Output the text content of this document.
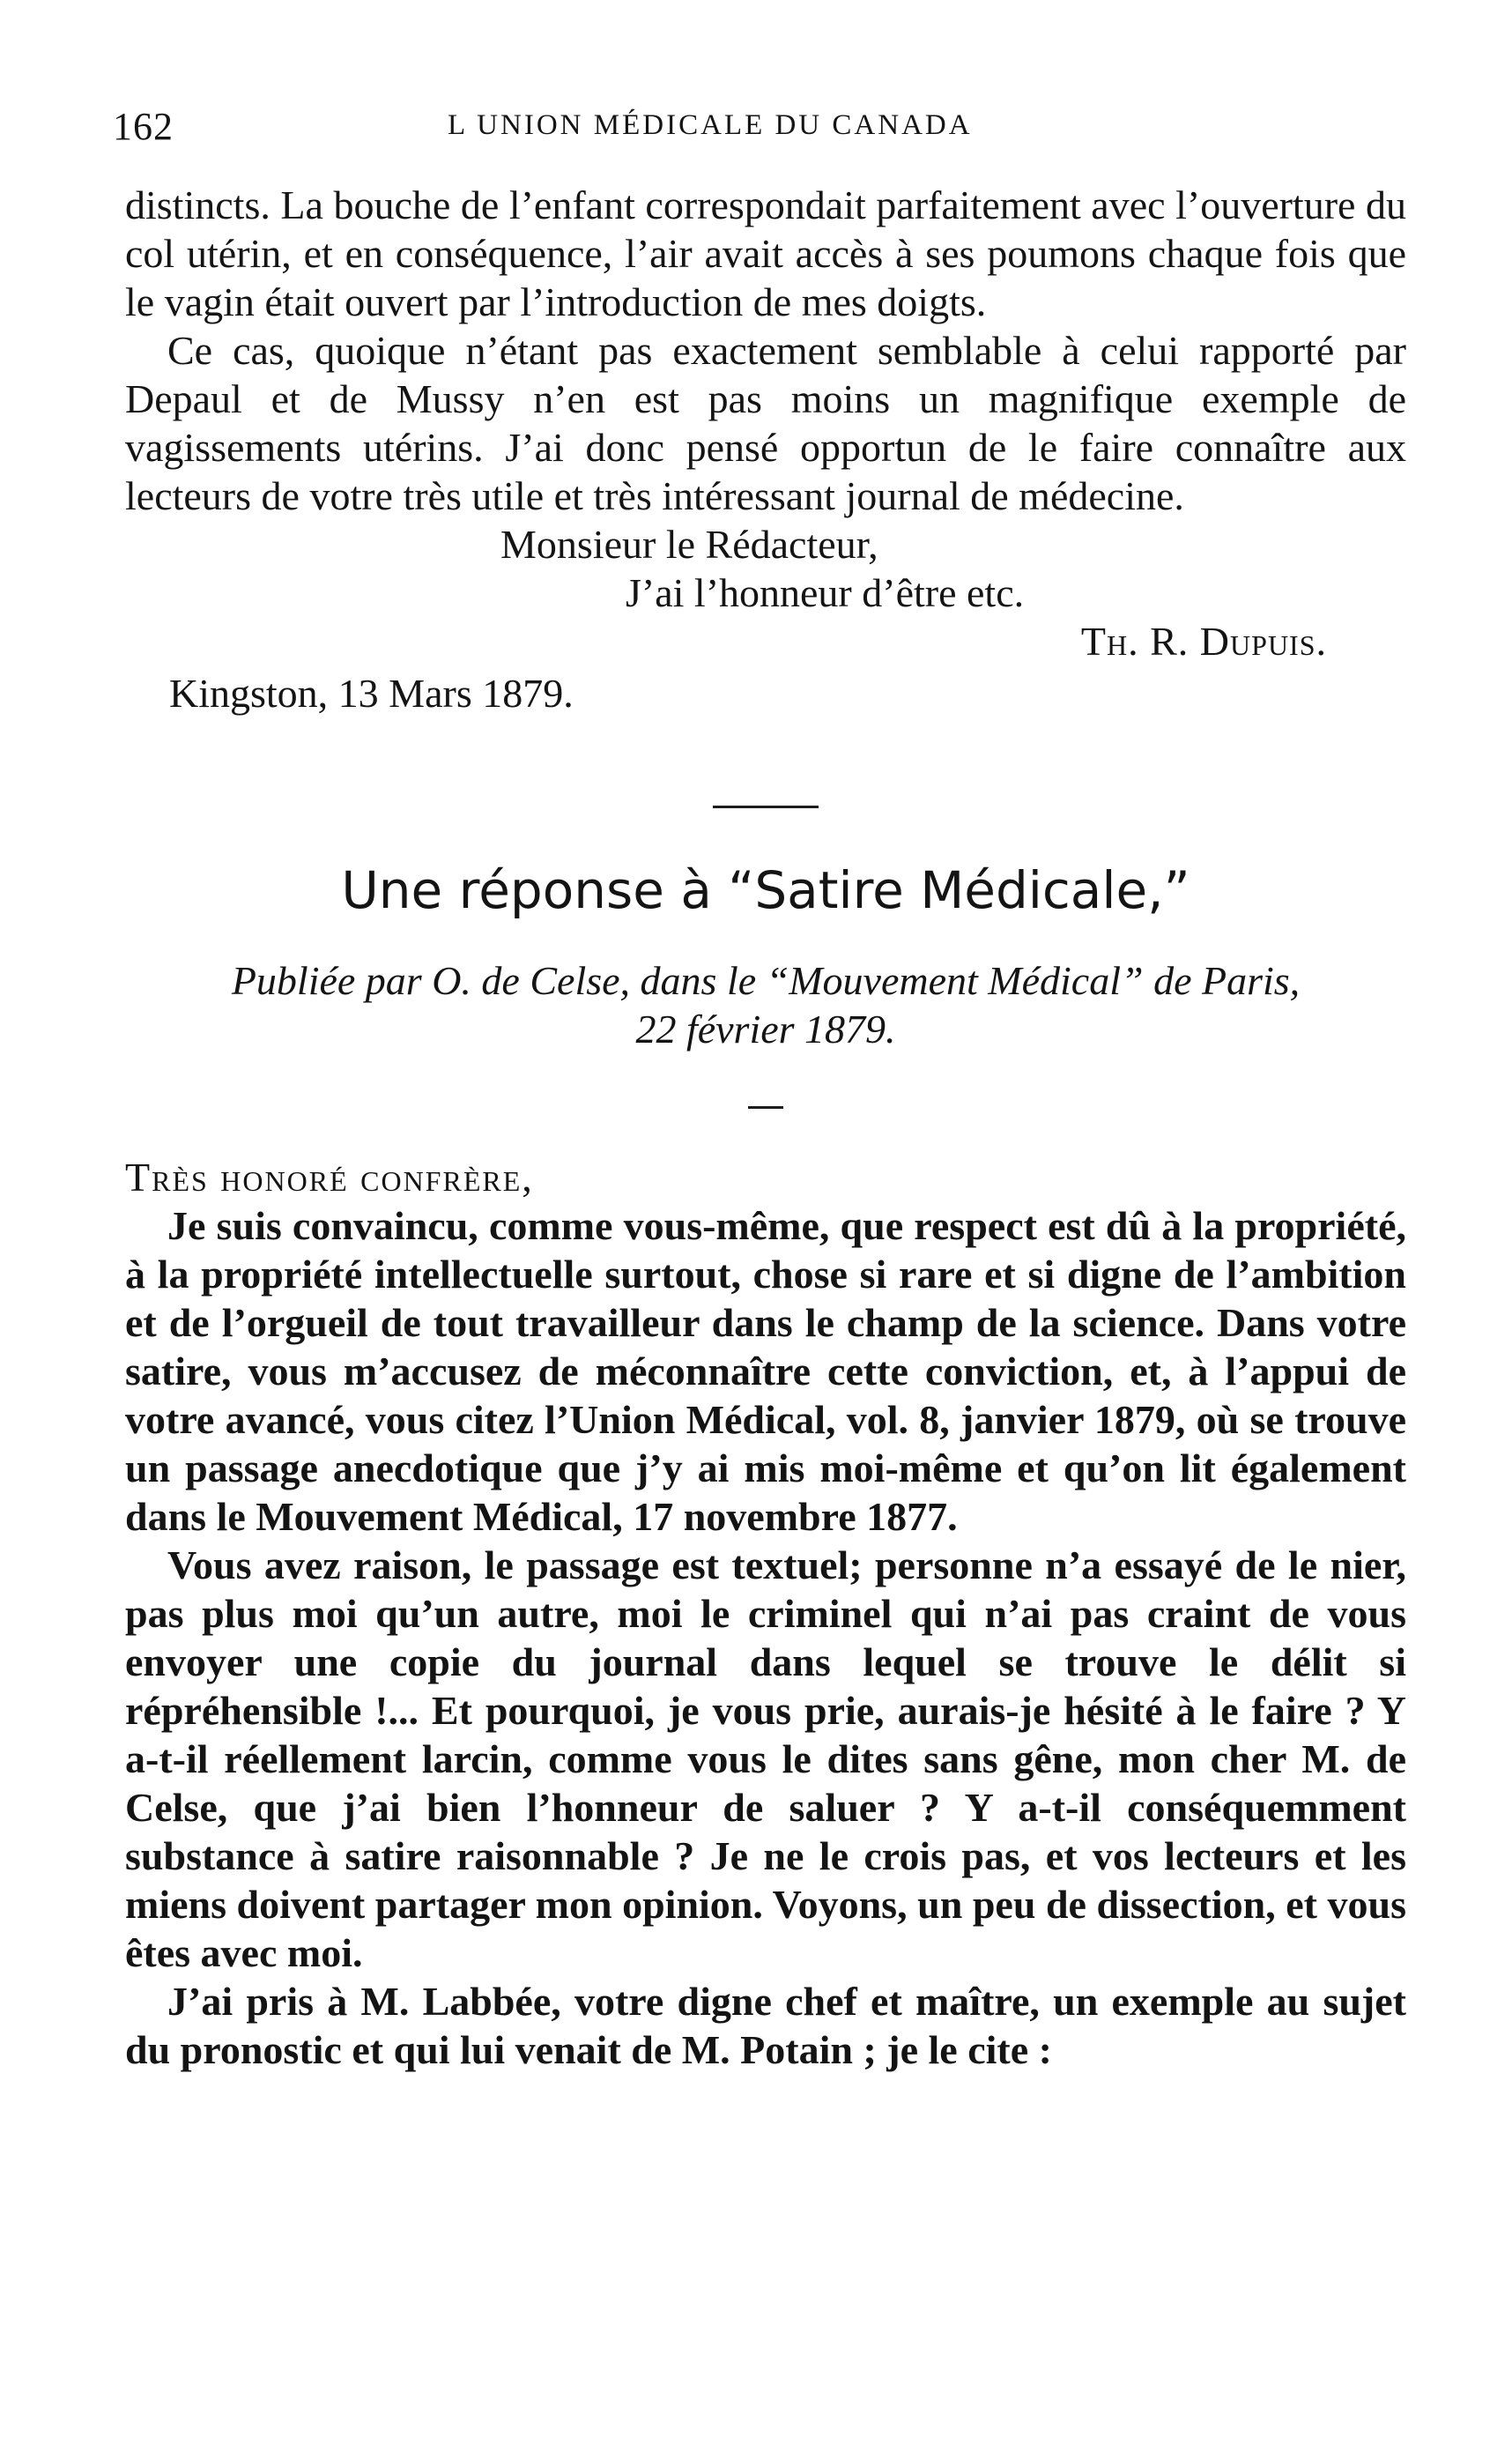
162	L UNION MÉDICALE DU CANADA

distincts. La bouche de l’enfant correspondait parfaitement avec l’ouverture du col utérin, et en conséquence, l’air avait accès à ses poumons chaque fois que le vagin était ouvert par l’introduction de mes doigts.

Ce cas, quoique n’étant pas exactement semblable à celui rapporté par Depaul et de Mussy n’en est pas moins un magnifique exemple de vagissements utérins. J’ai donc pensé opportun de le faire connaître aux lecteurs de votre très utile et très intéressant journal de médecine.

Monsieur le Rédacteur,

J’ai l’honneur d’être etc.

Th. R. Dupuis.

Kingston, 13 Mars 1879.

Une réponse à “Satire Médicale,”

Publiée par O. de Celse, dans le “Mouvement Médical” de Paris,
22 février 1879.

Très honoré confrère,

Je suis convaincu, comme vous-même, que respect est dû à la propriété, à la propriété intellectuelle surtout, chose si rare et si digne de l’ambition et de l’orgueil de tout travailleur dans le champ de la science. Dans votre satire, vous m’accusez de méconnaître cette conviction, et, à l’appui de votre avancé, vous citez l’Union Médical, vol. 8, janvier 1879, où se trouve un passage anecdotique que j’y ai mis moi-même et qu’on lit également dans le Mouvement Médical, 17 novembre 1877.

Vous avez raison, le passage est textuel; personne n’a essayé de le nier, pas plus moi qu’un autre, moi le criminel qui n’ai pas craint de vous envoyer une copie du journal dans lequel se trouve le délit si répréhensible !... Et pourquoi, je vous prie, aurais-je hésité à le faire ? Y a-t-il réellement larcin, comme vous le dites sans gêne, mon cher M. de Celse, que j’ai bien l’honneur de saluer ? Y a-t-il conséquemment substance à satire raisonnable ? Je ne le crois pas, et vos lecteurs et les miens doivent partager mon opinion. Voyons, un peu de dissection, et vous êtes avec moi.

J’ai pris à M. Labbée, votre digne chef et maître, un exemple au sujet du pronostic et qui lui venait de M. Potain ; je le cite :
